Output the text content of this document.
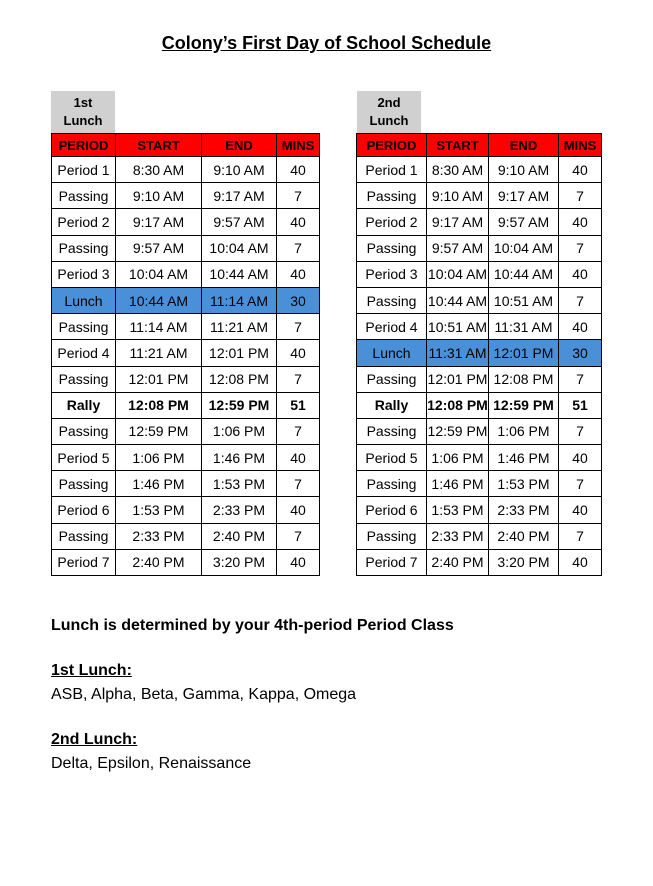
Colony’s First Day of School Schedule
1st
Lunch
2nd
Lunch
PERIOD	START	END	MINS
Period 1	8:30 AM	9:10 AM	40
Passing	9:10 AM	9:17 AM	7
Period 2	9:17 AM	9:57 AM	40
Passing	9:57 AM	10:04 AM	7
Period 3	10:04 AM	10:44 AM	40
Lunch	10:44 AM	11:14 AM	30
Passing	11:14 AM	11:21 AM	7
Period 4	11:21 AM	12:01 PM	40
Passing	12:01 PM	12:08 PM	7
Rally	12:08 PM	12:59 PM	51
Passing	12:59 PM	1:06 PM	7
Period 5	1:06 PM	1:46 PM	40
Passing	1:46 PM	1:53 PM	7
Period 6	1:53 PM	2:33 PM	40
Passing	2:33 PM	2:40 PM	7
Period 7	2:40 PM	3:20 PM	40
PERIOD	START	END	MINS
Period 1	8:30 AM	9:10 AM	40
Passing	9:10 AM	9:17 AM	7
Period 2	9:17 AM	9:57 AM	40
Passing	9:57 AM	10:04 AM	7
Period 3	10:04 AM	10:44 AM	40
Passing	10:44 AM	10:51 AM	7
Period 4	10:51 AM	11:31 AM	40
Lunch	11:31 AM	12:01 PM	30
Passing	12:01 PM	12:08 PM	7
Rally	12:08 PM	12:59 PM	51
Passing	12:59 PM	1:06 PM	7
Period 5	1:06 PM	1:46 PM	40
Passing	1:46 PM	1:53 PM	7
Period 6	1:53 PM	2:33 PM	40
Passing	2:33 PM	2:40 PM	7
Period 7	2:40 PM	3:20 PM	40
Lunch is determined by your 4th-period Period Class
1st Lunch:
ASB, Alpha, Beta, Gamma, Kappa, Omega
2nd Lunch:
Delta, Epsilon, Renaissance
